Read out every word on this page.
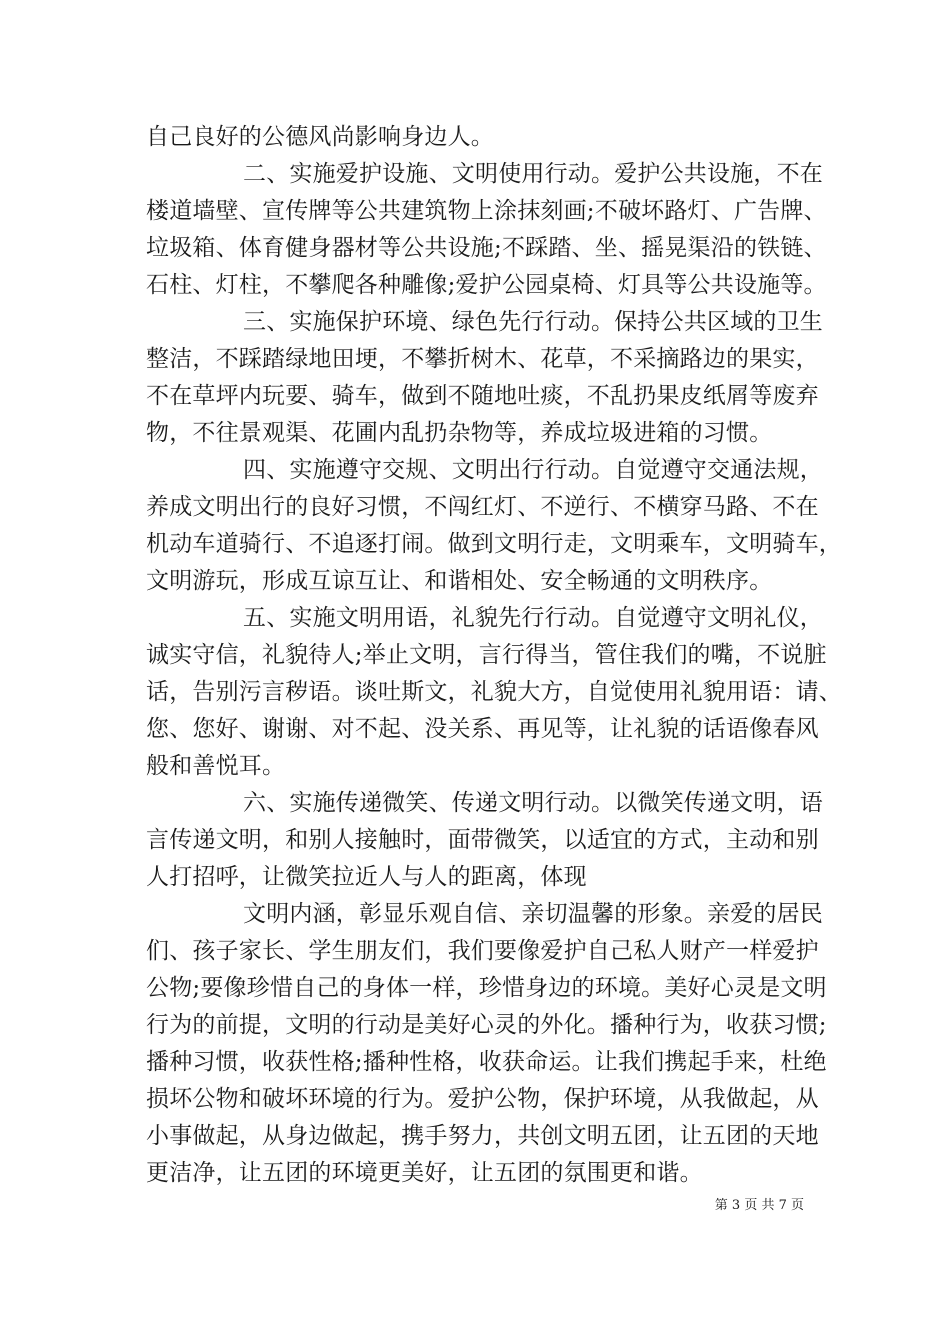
自己良好的公德风尚影响身边人。
二、实施爱护设施、文明使用行动。爱护公共设施，不在
楼道墙壁、宣传牌等公共建筑物上涂抹刻画;不破坏路灯、广告牌、
垃圾箱、体育健身器材等公共设施;不踩踏、坐、摇晃渠沿的铁链、
石柱、灯柱，不攀爬各种雕像;爱护公园桌椅、灯具等公共设施等。
三、实施保护环境、绿色先行行动。保持公共区域的卫生
整洁，不踩踏绿地田埂，不攀折树木、花草，不采摘路边的果实，
不在草坪内玩要、骑车，做到不随地吐痰，不乱扔果皮纸屑等废弃
物，不往景观渠、花圃内乱扔杂物等，养成垃圾进箱的习惯。
四、实施遵守交规、文明出行行动。自觉遵守交通法规，
养成文明出行的良好习惯，不闯红灯、不逆行、不横穿马路、不在
机动车道骑行、不追逐打闹。做到文明行走，文明乘车，文明骑车，
文明游玩，形成互谅互让、和谐相处、安全畅通的文明秩序。
五、实施文明用语，礼貌先行行动。自觉遵守文明礼仪，
诚实守信，礼貌待人;举止文明，言行得当，管住我们的嘴，不说脏
话，告别污言秽语。谈吐斯文，礼貌大方，自觉使用礼貌用语：请、
您、您好、谢谢、对不起、没关系、再见等，让礼貌的话语像春风
般和善悦耳。
六、实施传递微笑、传递文明行动。以微笑传递文明，语
言传递文明，和别人接触时，面带微笑，以适宜的方式，主动和别
人打招呼，让微笑拉近人与人的距离，体现
文明内涵，彰显乐观自信、亲切温馨的形象。亲爱的居民
们、孩子家长、学生朋友们，我们要像爱护自己私人财产一样爱护
公物;要像珍惜自己的身体一样，珍惜身边的环境。美好心灵是文明
行为的前提，文明的行动是美好心灵的外化。播种行为，收获习惯;
播种习惯，收获性格;播种性格，收获命运。让我们携起手来，杜绝
损坏公物和破坏环境的行为。爱护公物，保护环境，从我做起，从
小事做起，从身边做起，携手努力，共创文明五团，让五团的天地
更洁净，让五团的环境更美好，让五团的氛围更和谐。
第 3 页 共 7 页
